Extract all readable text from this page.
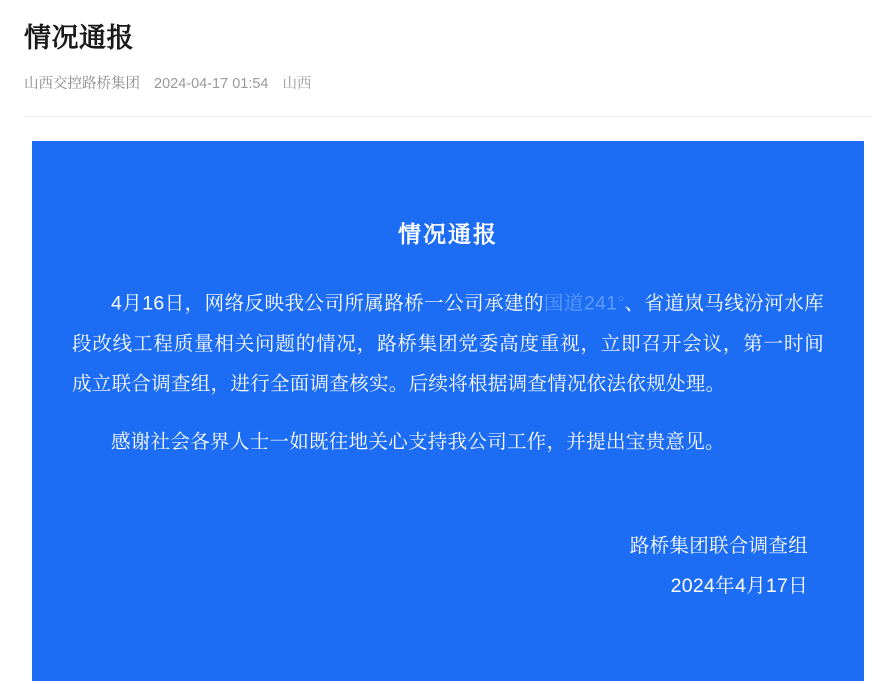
情况通报
山西交控路桥集团 2024-04-17 01:54 山西
情况通报

4月16日，网络反映我公司所属路桥一公司承建的国道241○、省道岚马线汾河水库段改线工程质量相关问题的情况，路桥集团党委高度重视，立即召开会议，第一时间成立联合调查组，进行全面调查核实。后续将根据调查情况依法依规处理。

感谢社会各界人士一如既往地关心支持我公司工作，并提出宝贵意见。

路桥集团联合调查组
2024年4月17日
